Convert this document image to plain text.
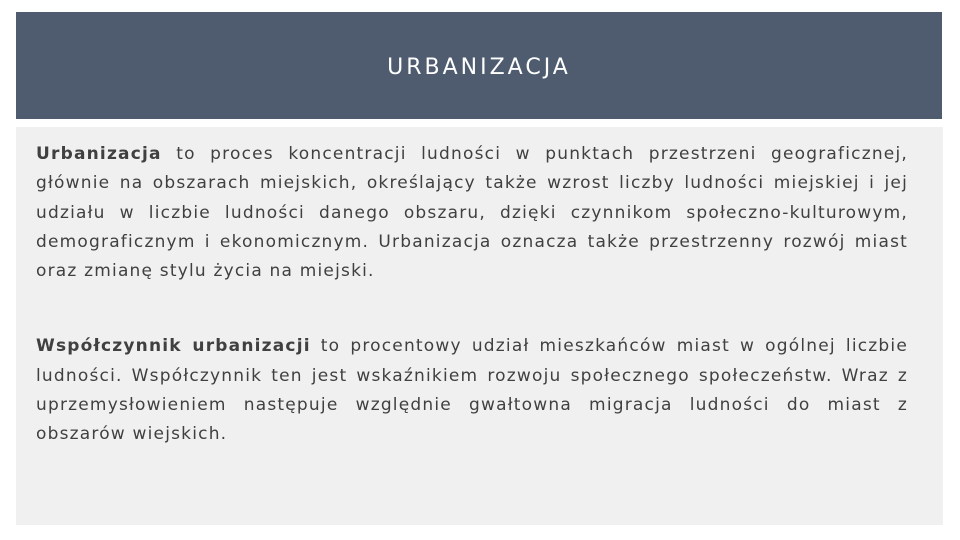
URBANIZACJA

Urbanizacja to proces koncentracji ludności w punktach przestrzeni geograficznej, głównie na obszarach miejskich, określający także wzrost liczby ludności miejskiej i jej udziału w liczbie ludności danego obszaru, dzięki czynnikom społeczno-kulturowym, demograficznym i ekonomicznym. Urbanizacja oznacza także przestrzenny rozwój miast oraz zmianę stylu życia na miejski.

Współczynnik urbanizacji to procentowy udział mieszkańców miast w ogólnej liczbie ludności. Współczynnik ten jest wskaźnikiem rozwoju społecznego społeczeństw. Wraz z uprzemysłowieniem następuje względnie gwałtowna migracja ludności do miast z obszarów wiejskich.
